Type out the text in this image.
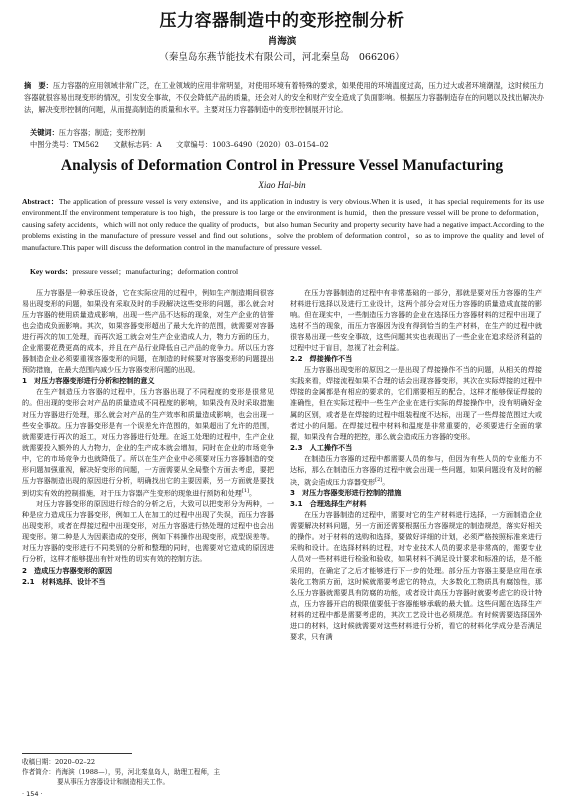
压力容器制造中的变形控制分析
肖海滨
（秦皇岛东燕节能技术有限公司，河北秦皇岛　066206）
摘　要：压力容器的应用领域非常广泛，在工业领域的应用非常明显，对使用环境有着特殊的要求，如果使用的环境温度过高，压力过大或者环境潮湿，这时候压力容器就很容易出现变形的情况，引发安全事故，不仅会降低产品的质量，还会对人的安全和财产安全造成了负面影响。根据压力容器制造存在的问题以及找出解决办法，解决变形控制的问题，从而提高制造的质量和水平。主要对压力容器制造中的变形控制展开讨论。
关键词：压力容器；制造；变形控制
中图分类号：TM562　　文献标志码：A　　文章编号：1003–6490（2020）03–0154–02
Analysis of Deformation Control in Pressure Vessel Manufacturing
Xiao Hai-bin
Abstract：The application of pressure vessel is very extensive，and its application in industry is very obvious.When it is used，it has special requirements for its use environment.If the environment temperature is too high，the pressure is too large or the environment is humid，then the pressure vessel will be prone to deformation，causing safety accidents，which will not only reduce the quality of products，but also human Security and property security have had a negative impact.According to the problems existing in the manufacture of pressure vessel and find out solutions，solve the problem of deformation control，so as to improve the quality and level of manufacture.This paper will discuss the deformation control in the manufacture of pressure vessel.
Key words：pressure vessel；manufacturing；deformation control

压力容器是一种承压设备，它在实际应用的过程中，例如生产制造期间很容易出现变形的问题，如果没有采取及时的手段解决这些变形的问题，那么就会对压力容器的使用质量造成影响，出现一些产品不达标的现象，对生产企业的信誉也会造成负面影响。其次，如果容器变形超出了最大允许的范围，就需要对容器进行再次的加工处理，而再次返工就会对生产企业造成人力，物力方面的压力，企业需要花费更高的成本，并且在产品行业降低自己产品的竞争力。所以压力容器制造企业必须要重视容器变形的问题，在制造的时候要对容器变形的问题提出预防措施，在最大范围内减少压力容器变形问题的出现。

1　对压力容器变形进行分析和控制的意义

在生产制造压力容器的过程中，压力容器出现了不同程度的变形是很常见的。但出现的变形会对产品的质量造成不同程度的影响，如果没有及时采取措施对压力容器进行处理，那么就会对产品的生产效率和质量造成影响，也会出现一些安全事故。压力容器变形是有一个误差允许范围的，如果超出了允许的范围，就需要进行再次的返工，对压力容器进行处理。在返工处理的过程中，生产企业就需要投入额外的人力物力，企业的生产成本就会增加，同时在企业的市场竞争中，它的市场竞争力也就降低了。所以在生产企业中必须要对压力容器制造的变形问题加强重视，解决好变形的问题，一方面需要从全局整个方面去考虑，要把压力容器制造出现的原因进行分析，明确找出它的主要因素，另一方面就是要找到切实有效的控制措施，对于压力容器产生变形的现象进行预防和处理[1]。

对压力容器变形的原因进行综合的分析之后，大致可以把变形分为两种，一种是应力造成压力容器变形，例如工人在加工的过程中出现了失误，而压力容器出现变形，或者在焊接过程中出现变形，对压力容器进行热处理的过程中也会出现变形。第二种是人为因素造成的变形，例如下料操作出现变形，成型误差等。对压力容器的变形进行不同类别的分析和整理的同时，也需要对它造成的原因进行分析，这样才能够提出有针对性的切实有效的控制方法。

2　造成压力容器变形的原因

2.1　材料选择、设计不当

在压力容器制造的过程中有非常基础的一部分，那就是要对压力容器的生产材料进行选择以及进行工业设计，这两个部分会对压力容器的质量造成直接的影响。但在现实中，一些制造压力容器的企业在选择压力容器材料的过程中出现了选材不当的现象，而压力容器因为没有得到恰当的生产材料，在生产的过程中就很容易出现一些安全事故，这些问题其实也表现出了一些企业在追求经济利益的过程中过于盲目，忽视了社会利益。

2.2　焊接操作不当

压力容器出现变形的原因之一是出现了焊接操作不当的问题，从相关的焊接实践来看，焊接流程如果不合理的话会出现容器变形，其次在实际焊接的过程中焊接的金属都是有相应的要求的，它们需要相互的配合，这样才能够保证焊接的准确性，但在实际过程中一些生产企业在进行实际的焊接操作中，没有明确好金属的区别，或者是在焊接的过程中组装程度不达标，出现了一些焊接范围过大或者过小的问题。在焊接过程中材料和温度是非常重要的，必须要进行全面的掌握，如果没有合理的把控，那么就会造成压力容器的变形。

2.3　人工操作不当

在制造压力容器的过程中都需要人员的参与，但因为有些人员的专业能力不达标，那么在制造压力容器的过程中就会出现一些问题，如果问题没有及时的解决，就会造成压力容器变形[2]。

3　对压力容器变形进行控制的措施

3.1　合理选择生产材料

在压力容器制造的过程中，需要对它的生产材料进行选择，一方面制造企业需要解决材料问题，另一方面还需要根据压力容器规定的制造规范，落实好相关的操作。对于材料的选购和选择，要做好详细的计划，必须严格按照标准来进行采购和设计。在选择材料的过程，对专业技术人员的要求是非常高的，需要专业人员对一些材料进行检验和验收，如果材料不满足设计要求和标准的话，是不能采用的，在确定了之后才能够进行下一步的处理。部分压力容器主要是应用在承装化工物质方面，这时候就需要考虑它的特点，大多数化工物质具有腐蚀性，那么压力容器就需要具有防腐的功能，或者设计高压力容器时就要考虑它的设计特点，压力容器开启的极限值要低于容器能够承载的最大值。这些问题在选择生产材料的过程中都是需要考虑的，其次工艺设计也必须规范。有时候需要选择国外进口的材料，这时候就需要对这些材料进行分析，看它的材料化学成分是否满足要求，只有满

收稿日期：2020–02–22
作者简介：肖海滨（1988—），男，河北秦皇岛人，助理工程师，主
要从事压力容器设计和制造相关工作。
· 154 ·
